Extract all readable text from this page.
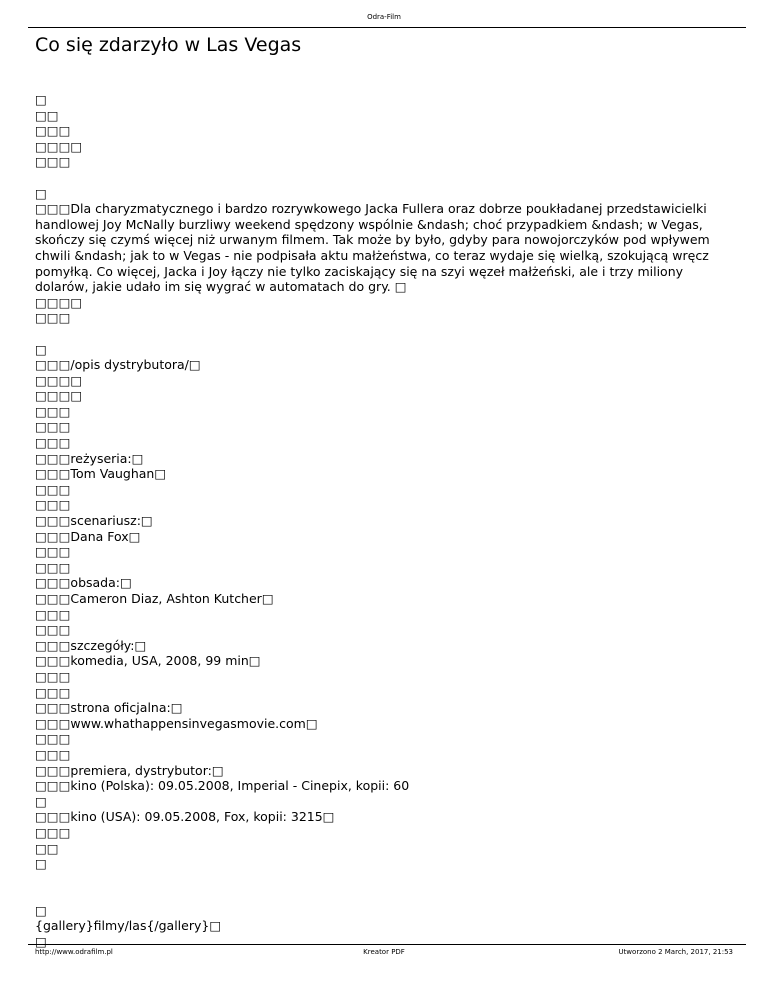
Odra-Film
Co się zdarzyło w Las Vegas
□
□□
□□□
□□□□
□□□
□
□□□Dla charyzmatycznego i bardzo rozrywkowego Jacka Fullera oraz dobrze poukładanej przedstawicielki handlowej Joy McNally burzliwy weekend spędzony wspólnie &ndash; choć przypadkiem &ndash; w Vegas, skończy się czymś więcej niż urwanym filmem. Tak może by było, gdyby para nowojorczyków pod wpływem chwili &ndash; jak to w Vegas - nie podpisała aktu małżeństwa, co teraz wydaje się wielką, szokującą wręcz pomyłką. Co więcej, Jacka i Joy łączy nie tylko zaciskający się na szyi węzeł małżeński, ale i trzy miliony dolarów, jakie udało im się wygrać w automatach do gry. □
□□□□
□□□
□
□□□/opis dystrybutora/□
□□□□
□□□□
□□□
□□□
□□□
□□□reżyseria:□
□□□Tom Vaughan□
□□□
□□□
□□□scenariusz:□
□□□Dana Fox□
□□□
□□□
□□□obsada:□
□□□Cameron Diaz, Ashton Kutcher□
□□□
□□□
□□□szczegóły:□
□□□komedia, USA, 2008, 99 min□
□□□
□□□
□□□strona oficjalna:□
□□□www.whathappensinvegasmovie.com□
□□□
□□□
□□□premiera, dystrybutor:□
□□□kino (Polska): 09.05.2008, Imperial - Cinepix, kopii: 60
□
□□□kino (USA): 09.05.2008, Fox, kopii: 3215□
□□□
□□
□
□
{gallery}filmy/las{/gallery}□
□
http://www.odrafilm.pl	Kreator PDF	Utworzono 2 March, 2017, 21:53
